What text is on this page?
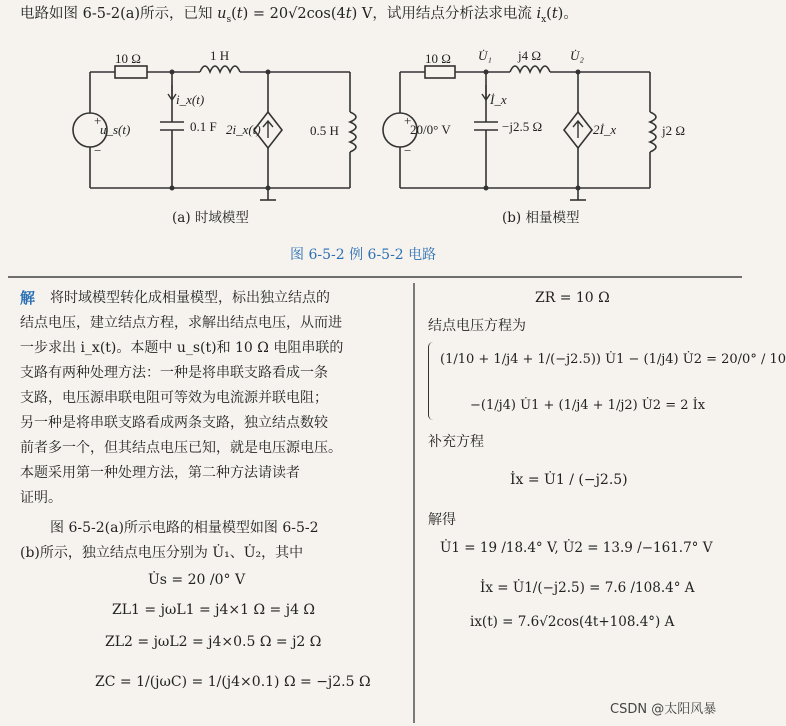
电路如图 6-5-2(a)所示，已知 $u_s(t) = 20√2\cos(4t)$ V，试用结点分析法求电流 $i_x(t)$。
10 Ω	1 H
i_x(t)
0.1 F
u_s(t)	2i_x(t)	0.5 H
+
−
(a) 时域模型
10 Ω U̇₁ j4 Ω U̇₂
İ_x
20/0° V	−j2.5 Ω	2İ_x	j2 Ω
+
−
(b) 相量模型
图 6-5-2 例 6-5-2 电路
解 将时域模型转化成相量模型，标出独立结点的
结点电压，建立结点方程，求解出结点电压，从而进
一步求出 i_x(t)。本题中 u_s(t)和 10 Ω 电阻串联的
支路有两种处理方法：一种是将串联支路看成一条
支路，电压源串联电阻可等效为电流源并联电阻；
另一种是将串联支路看成两条支路，独立结点数较
前者多一个，但其结点电压已知，就是电压源电压。
本题采用第一种处理方法，第二种方法请读者
证明。
图 6-5-2(a)所示电路的相量模型如图 6-5-2
(b)所示，独立结点电压分别为 U̇₁、U̇₂，其中
U̇s = 20 /0° V
ZL1 = jωL1 = j4×1 Ω = j4 Ω
ZL2 = jωL2 = j4×0.5 Ω = j2 Ω
ZC = 1/(jωC) = 1/(j4×0.1) Ω = −j2.5 Ω
ZR = 10 Ω
结点电压方程为
(1/10 + 1/j4 + 1/(−j2.5)) U̇1 − (1/j4) U̇2 = 20/0° / 10
−(1/j4) U̇1 + (1/j4 + 1/j2) U̇2 = 2 İx
补充方程
İx = U̇1 / (−j2.5)
解得
U̇1 = 19 /18.4° V, U̇2 = 13.9 /−161.7° V
İx = U̇1/(−j2.5) = 7.6 /108.4° A
ix(t) = 7.6√2cos(4t+108.4°) A
CSDN @太阳风暴
